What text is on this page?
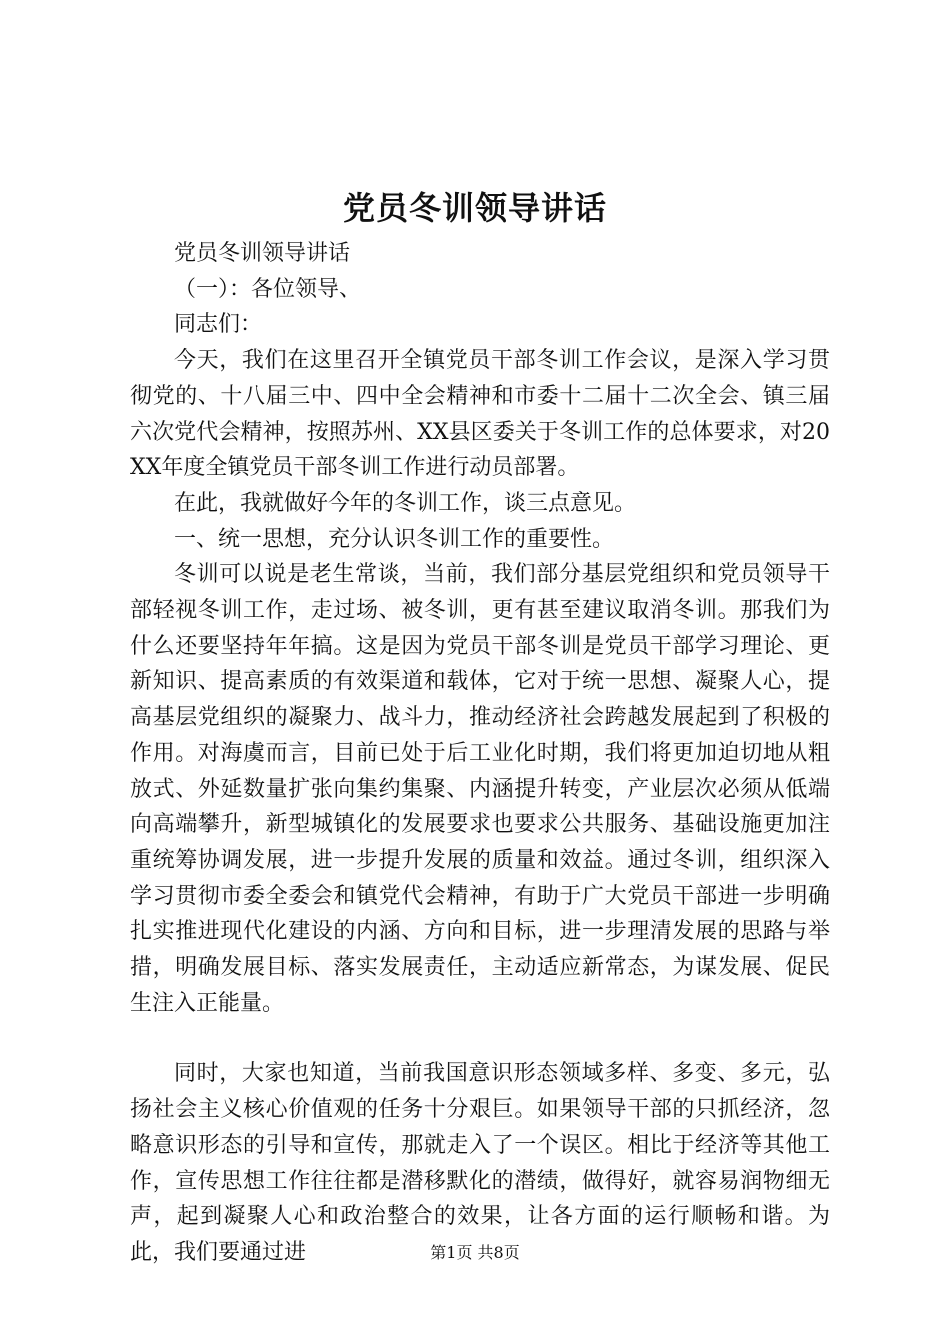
党员冬训领导讲话

党员冬训领导讲话

（一）：各位领导、

同志们：

今天，我们在这里召开全镇党员干部冬训工作会议，是深入学习贯彻党的、十八届三中、四中全会精神和市委十二届十二次全会、镇三届六次党代会精神，按照苏州、XX县区委关于冬训工作的总体要求，对20XX年度全镇党员干部冬训工作进行动员部署。

在此，我就做好今年的冬训工作，谈三点意见。

一、统一思想，充分认识冬训工作的重要性。

冬训可以说是老生常谈，当前，我们部分基层党组织和党员领导干部轻视冬训工作，走过场、被冬训，更有甚至建议取消冬训。那我们为什么还要坚持年年搞。这是因为党员干部冬训是党员干部学习理论、更新知识、提高素质的有效渠道和载体，它对于统一思想、凝聚人心，提高基层党组织的凝聚力、战斗力，推动经济社会跨越发展起到了积极的作用。对海虞而言，目前已处于后工业化时期，我们将更加迫切地从粗放式、外延数量扩张向集约集聚、内涵提升转变，产业层次必须从低端向高端攀升，新型城镇化的发展要求也要求公共服务、基础设施更加注重统筹协调发展，进一步提升发展的质量和效益。通过冬训，组织深入学习贯彻市委全委会和镇党代会精神，有助于广大党员干部进一步明确扎实推进现代化建设的内涵、方向和目标，进一步理清发展的思路与举措，明确发展目标、落实发展责任，主动适应新常态，为谋发展、促民生注入正能量。

同时，大家也知道，当前我国意识形态领域多样、多变、多元，弘扬社会主义核心价值观的任务十分艰巨。如果领导干部的只抓经济，忽略意识形态的引导和宣传，那就走入了一个误区。相比于经济等其他工作，宣传思想工作往往都是潜移默化的潜绩，做得好，就容易润物细无声，起到凝聚人心和政治整合的效果，让各方面的运行顺畅和谐。为此，我们要通过进	第1页 共8页
